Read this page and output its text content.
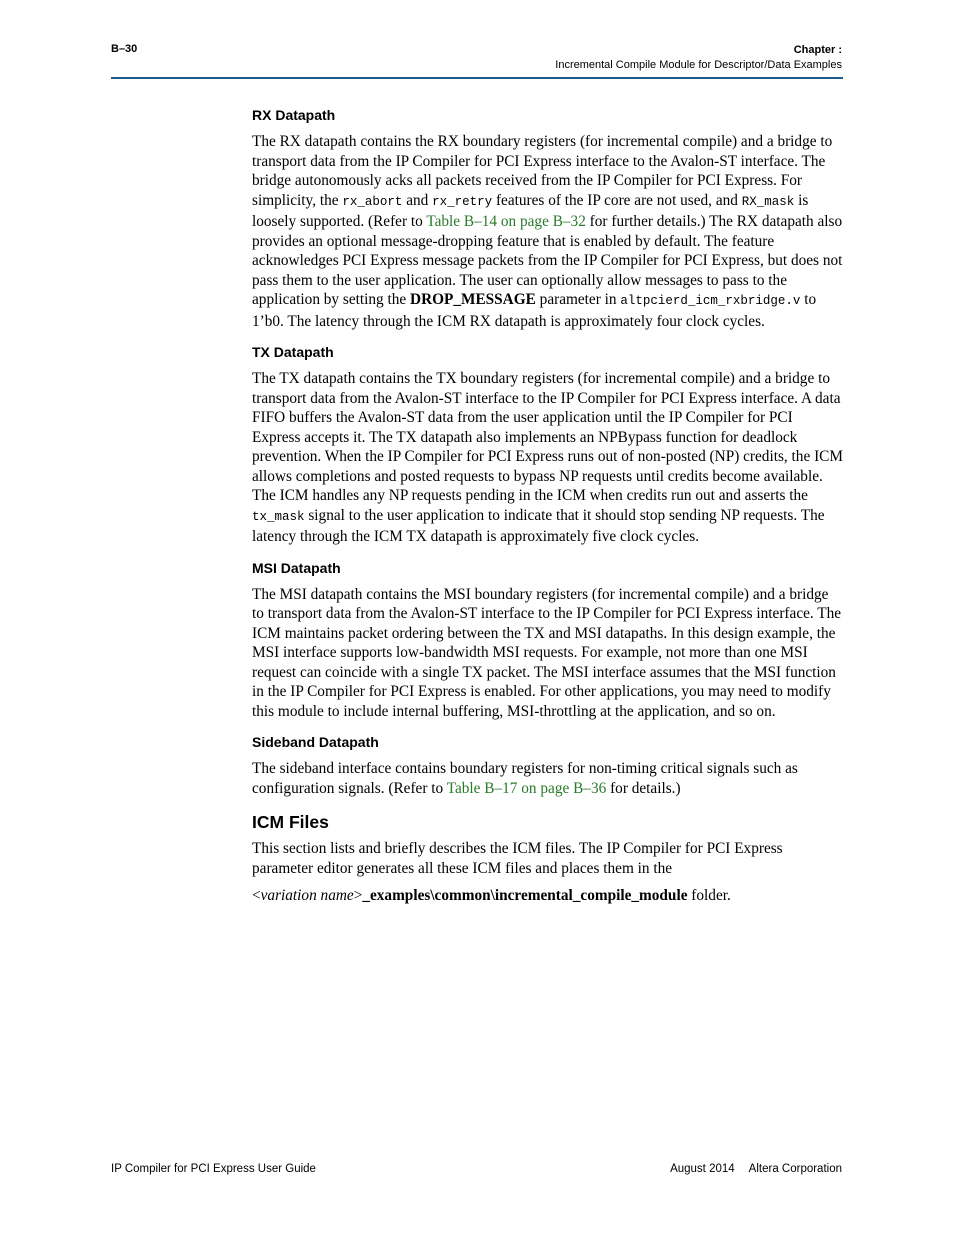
B–30	Chapter :
Incremental Compile Module for Descriptor/Data Examples
RX Datapath

The RX datapath contains the RX boundary registers (for incremental compile) and a bridge to transport data from the IP Compiler for PCI Express interface to the Avalon-ST interface. The bridge autonomously acks all packets received from the IP Compiler for PCI Express. For simplicity, the rx_abort and rx_retry features of the IP core are not used, and RX_mask is loosely supported. (Refer to Table B–14 on page B–32 for further details.) The RX datapath also provides an optional message-dropping feature that is enabled by default. The feature acknowledges PCI Express message packets from the IP Compiler for PCI Express, but does not pass them to the user application. The user can optionally allow messages to pass to the application by setting the DROP_MESSAGE parameter in altpcierd_icm_rxbridge.v to 1’b0. The latency through the ICM RX datapath is approximately four clock cycles.

TX Datapath

The TX datapath contains the TX boundary registers (for incremental compile) and a bridge to transport data from the Avalon-ST interface to the IP Compiler for PCI Express interface. A data FIFO buffers the Avalon-ST data from the user application until the IP Compiler for PCI Express accepts it. The TX datapath also implements an NPBypass function for deadlock prevention. When the IP Compiler for PCI Express runs out of non-posted (NP) credits, the ICM allows completions and posted requests to bypass NP requests until credits become available. The ICM handles any NP requests pending in the ICM when credits run out and asserts the tx_mask signal to the user application to indicate that it should stop sending NP requests. The latency through the ICM TX datapath is approximately five clock cycles.

MSI Datapath

The MSI datapath contains the MSI boundary registers (for incremental compile) and a bridge to transport data from the Avalon-ST interface to the IP Compiler for PCI Express interface. The ICM maintains packet ordering between the TX and MSI datapaths. In this design example, the MSI interface supports low-bandwidth MSI requests. For example, not more than one MSI request can coincide with a single TX packet. The MSI interface assumes that the MSI function in the IP Compiler for PCI Express is enabled. For other applications, you may need to modify this module to include internal buffering, MSI-throttling at the application, and so on.

Sideband Datapath

The sideband interface contains boundary registers for non-timing critical signals such as configuration signals. (Refer to Table B–17 on page B–36 for details.)

ICM Files

This section lists and briefly describes the ICM files. The IP Compiler for PCI Express parameter editor generates all these ICM files and places them in the

<variation name>_examples\common\incremental_compile_module folder.

IP Compiler for PCI Express User Guide	August 2014 Altera Corporation
